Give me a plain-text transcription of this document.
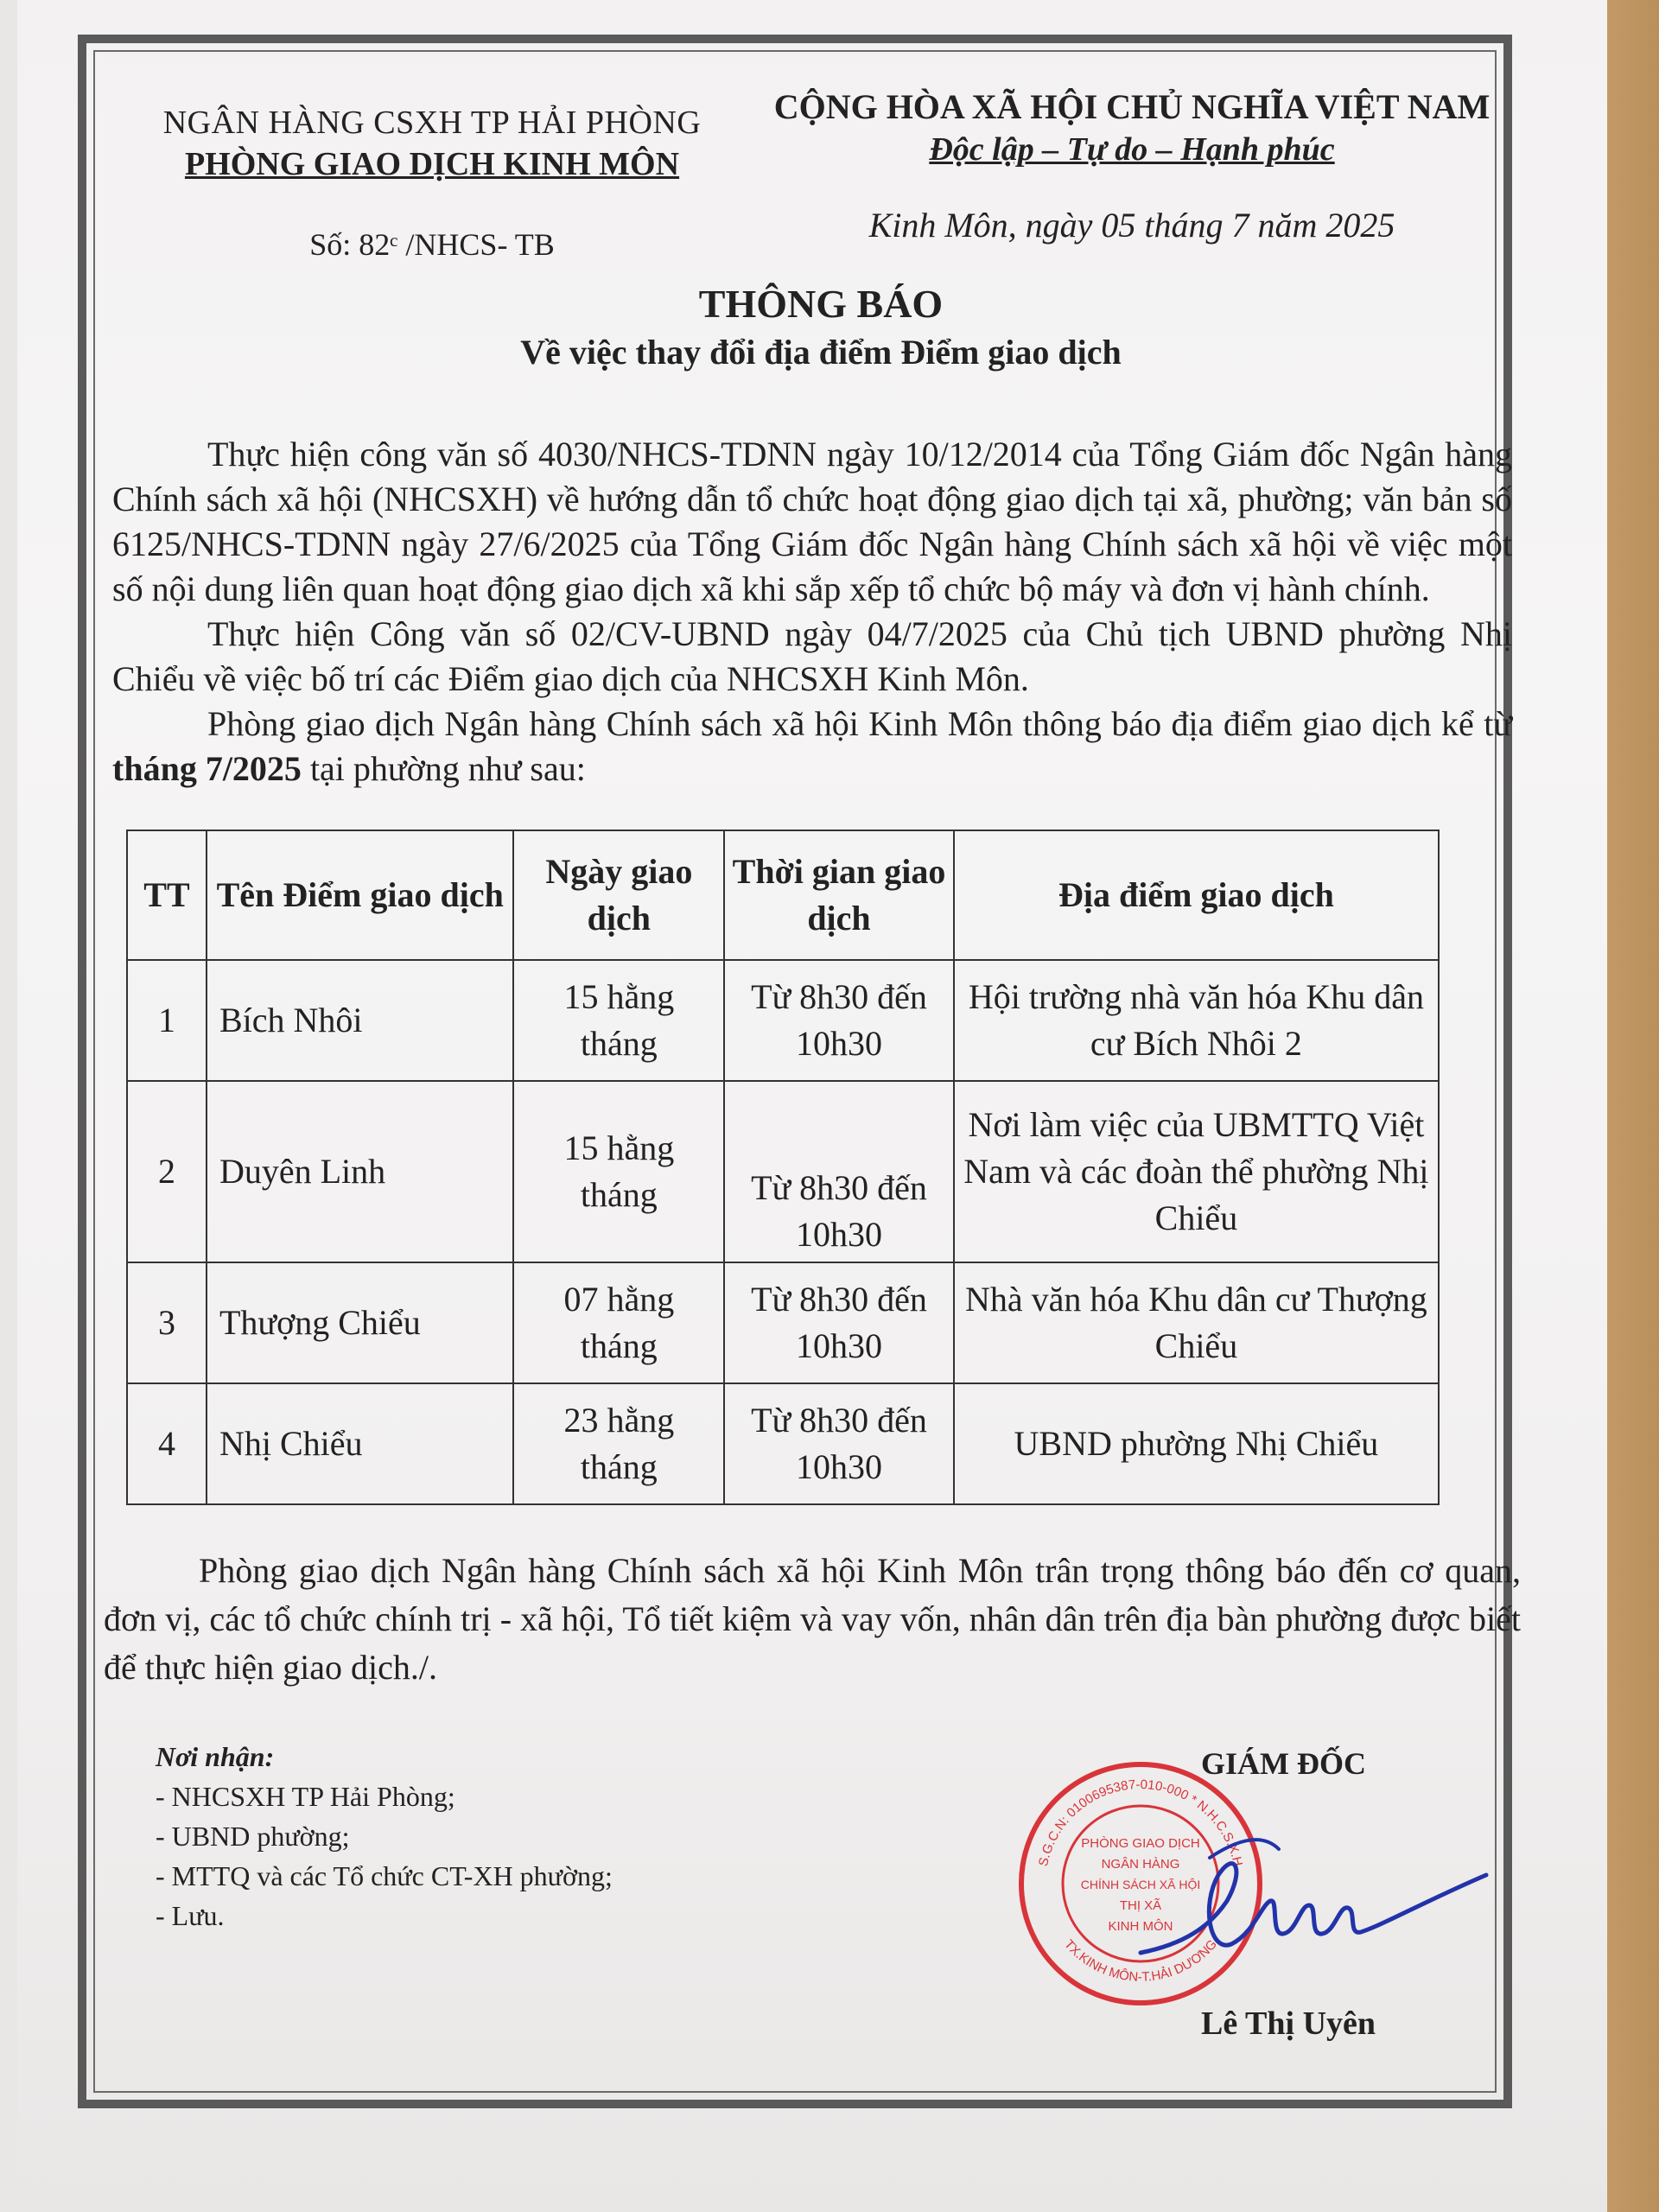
NGÂN HÀNG CSXH TP HẢI PHÒNG
PHÒNG GIAO DỊCH KINH MÔN
Số: 82ᶜ /NHCS- TB
CỘNG HÒA XÃ HỘI CHỦ NGHĨA VIỆT NAM
Độc lập – Tự do – Hạnh phúc
Kinh Môn, ngày 05 tháng 7 năm 2025
THÔNG BÁO
Về việc thay đổi địa điểm Điểm giao dịch

Thực hiện công văn số 4030/NHCS-TDNN ngày 10/12/2014 của Tổng Giám đốc Ngân hàng Chính sách xã hội (NHCSXH) về hướng dẫn tổ chức hoạt động giao dịch tại xã, phường; văn bản số 6125/NHCS-TDNN ngày 27/6/2025 của Tổng Giám đốc Ngân hàng Chính sách xã hội về việc một số nội dung liên quan hoạt động giao dịch xã khi sắp xếp tổ chức bộ máy và đơn vị hành chính.

Thực hiện Công văn số 02/CV-UBND ngày 04/7/2025 của Chủ tịch UBND phường Nhị Chiểu về việc bố trí các Điểm giao dịch của NHCSXH Kinh Môn.

Phòng giao dịch Ngân hàng Chính sách xã hội Kinh Môn thông báo địa điểm giao dịch kể từ tháng 7/2025 tại phường như sau:

TT	Tên Điểm giao dịch	Ngày giao dịch	Thời gian giao dịch	Địa điểm giao dịch
1	Bích Nhôi	15 hằng tháng	Từ 8h30 đến 10h30	Hội trường nhà văn hóa Khu dân cư Bích Nhôi 2
2	Duyên Linh	15 hằng tháng	Từ 8h30 đến 10h30	Nơi làm việc của UBMTTQ Việt Nam và các đoàn thể phường Nhị Chiểu
3	Thượng Chiểu	07 hằng tháng	Từ 8h30 đến 10h30	Nhà văn hóa Khu dân cư Thượng Chiểu
4	Nhị Chiểu	23 hằng tháng	Từ 8h30 đến 10h30	UBND phường Nhị Chiểu

Phòng giao dịch Ngân hàng Chính sách xã hội Kinh Môn trân trọng thông báo đến cơ quan, đơn vị, các tổ chức chính trị - xã hội, Tổ tiết kiệm và vay vốn, nhân dân trên địa bàn phường được biết để thực hiện giao dịch./.

Nơi nhận:
- NHCSXH TP Hải Phòng;
- UBND phường;
- MTTQ và các Tổ chức CT-XH phường;
- Lưu.
GIÁM ĐỐC
S.G.C.N: 0100695387-010-000 * N.H.C.S.X.H
TX.KINH MÔN-T.HẢI DƯƠNG
PHÒNG GIAO DỊCH
NGÂN HÀNG
CHÍNH SÁCH XÃ HỘI
THỊ XÃ
KINH MÔN
Lê Thị Uyên
